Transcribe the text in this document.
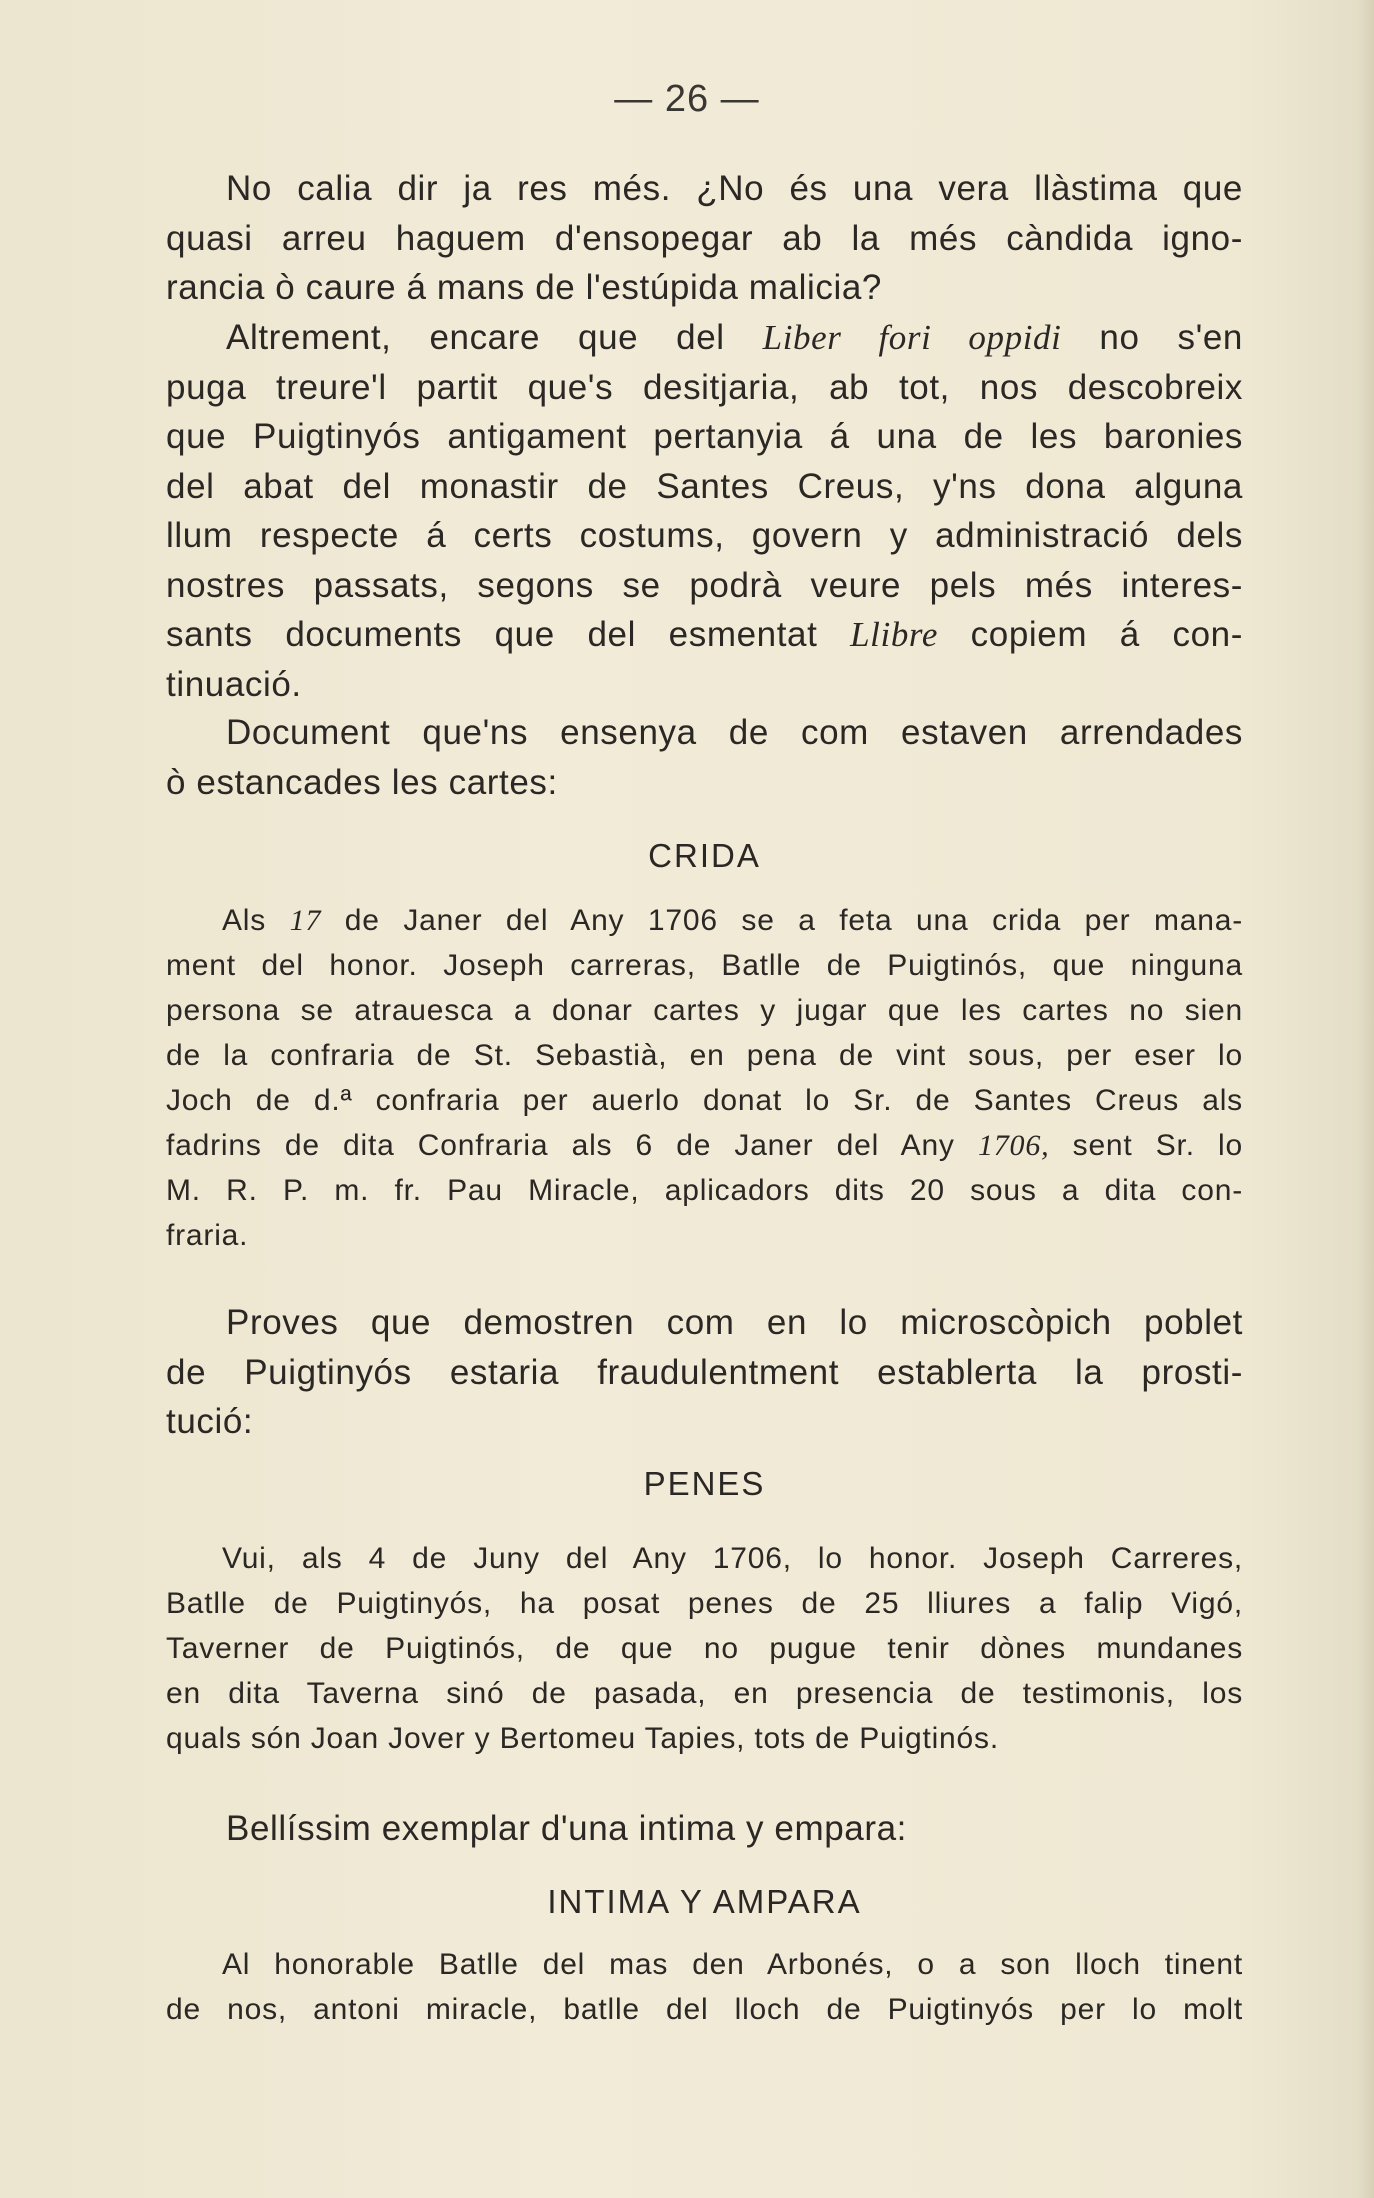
— 26 —
No calia dir ja res més. ¿No és una vera llàstima que
quasi arreu haguem d'ensopegar ab la més càndida igno-
rancia ò caure á mans de l'estúpida malicia?
Altrement, encare que del Liber fori oppidi no s'en
puga treure'l partit que's desitjaria, ab tot, nos descobreix
que Puigtinyós antigament pertanyia á una de les baronies
del abat del monastir de Santes Creus, y'ns dona alguna
llum respecte á certs costums, govern y administració dels
nostres passats, segons se podrà veure pels més interes-
sants documents que del esmentat Llibre copiem á con-
tinuació.
Document que'ns ensenya de com estaven arrendades
ò estancades les cartes:
CRIDA
Als 17 de Janer del Any 1706 se a feta una crida per mana-
ment del honor. Joseph carreras, Batlle de Puigtinós, que ninguna
persona se atrauesca a donar cartes y jugar que les cartes no sien
de la confraria de St. Sebastià, en pena de vint sous, per eser lo
Joch de d.ª confraria per auerlo donat lo Sr. de Santes Creus als
fadrins de dita Confraria als 6 de Janer del Any 1706, sent Sr. lo
M. R. P. m. fr. Pau Miracle, aplicadors dits 20 sous a dita con-
fraria.
Proves que demostren com en lo microscòpich poblet
de Puigtinyós estaria fraudulentment establerta la prosti-
tució:
PENES
Vui, als 4 de Juny del Any 1706, lo honor. Joseph Carreres,
Batlle de Puigtinyós, ha posat penes de 25 lliures a falip Vigó,
Taverner de Puigtinós, de que no pugue tenir dònes mundanes
en dita Taverna sinó de pasada, en presencia de testimonis, los
quals són Joan Jover y Bertomeu Tapies, tots de Puigtinós.
Bellíssim exemplar d'una intima y empara:
INTIMA Y AMPARA
Al honorable Batlle del mas den Arbonés, o a son lloch tinent
de nos, antoni miracle, batlle del lloch de Puigtinyós per lo molt
